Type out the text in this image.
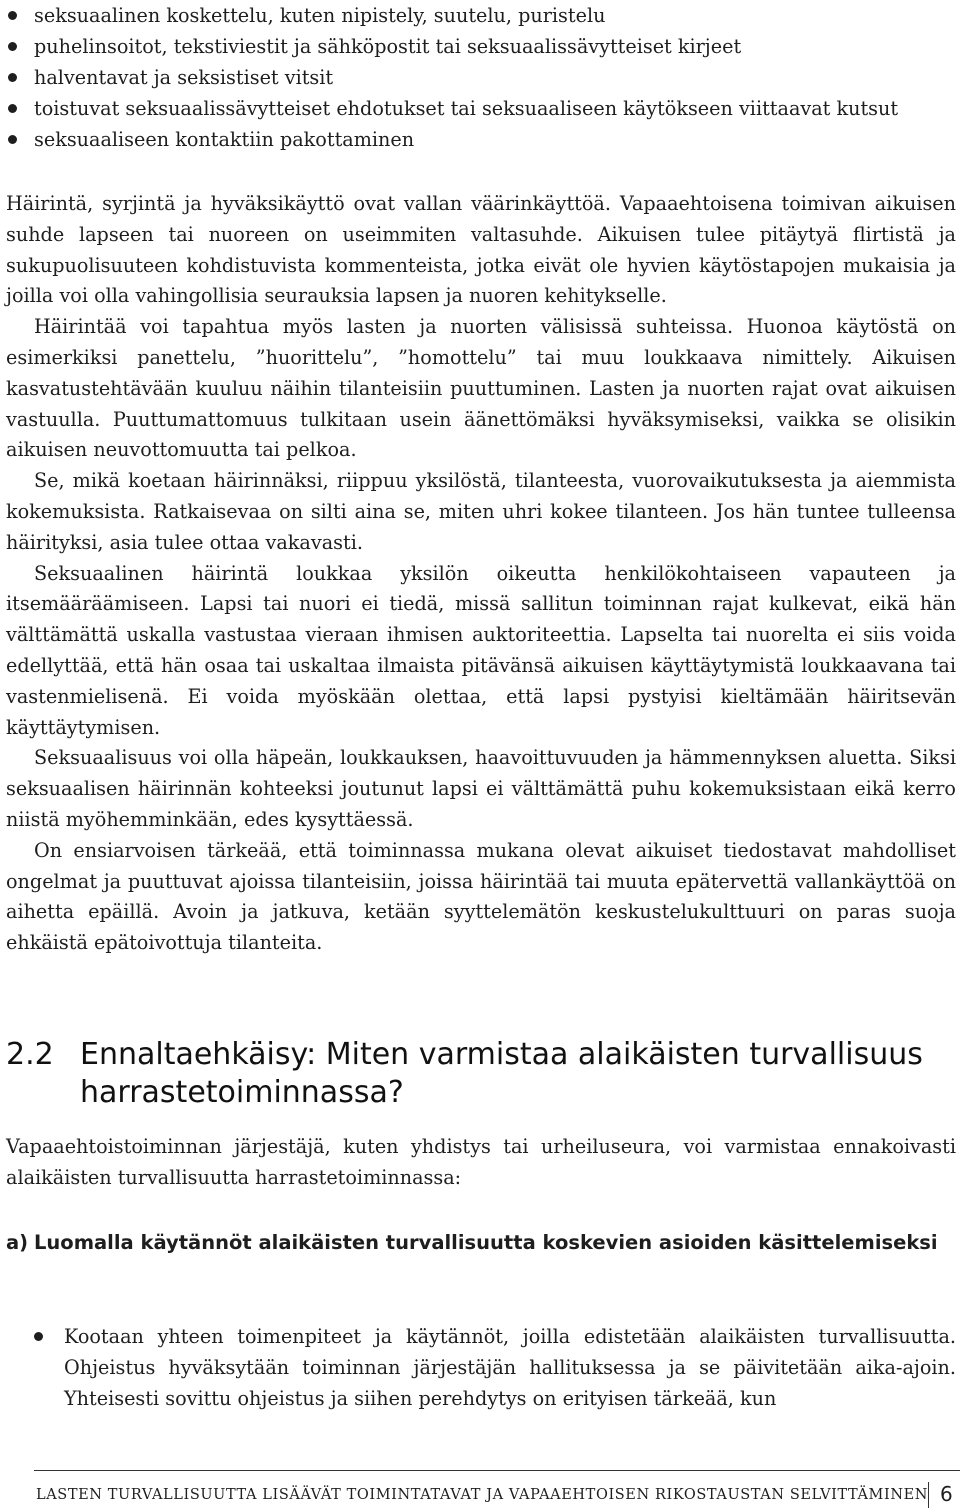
seksuaalinen koskettelu, kuten nipistely, suutelu, puristelu
puhelinsoitot, tekstiviestit ja sähköpostit tai seksuaalissävytteiset kirjeet
halventavat ja seksistiset vitsit
toistuvat seksuaalissävytteiset ehdotukset tai seksuaaliseen käytökseen viittaavat kutsut
seksuaaliseen kontaktiin pakottaminen

Häirintä, syrjintä ja hyväksikäyttö ovat vallan väärinkäyttöä. Vapaaehtoisena toimivan aikuisen suhde lapseen tai nuoreen on useimmiten valtasuhde. Aikuisen tulee pitäytyä flirtistä ja sukupuolisuuteen kohdistuvista kommenteista, jotka eivät ole hyvien käytöstapojen mukaisia ja joilla voi olla vahingollisia seurauksia lapsen ja nuoren kehitykselle.

Häirintää voi tapahtua myös lasten ja nuorten välisissä suhteissa. Huonoa käytöstä on esimerkiksi panettelu, ”huorittelu”, ”homottelu” tai muu loukkaava nimittely. Aikuisen kasvatustehtävään kuuluu näihin tilanteisiin puuttuminen. Lasten ja nuorten rajat ovat aikuisen vastuulla. Puuttumattomuus tulkitaan usein äänettömäksi hyväksymiseksi, vaikka se olisikin aikuisen neuvottomuutta tai pelkoa.

Se, mikä koetaan häirinnäksi, riippuu yksilöstä, tilanteesta, vuorovaikutuksesta ja aiemmista kokemuksista. Ratkaisevaa on silti aina se, miten uhri kokee tilanteen. Jos hän tuntee tulleensa häirityksi, asia tulee ottaa vakavasti.

Seksuaalinen häirintä loukkaa yksilön oikeutta henkilökohtaiseen vapauteen ja itsemääräämiseen. Lapsi tai nuori ei tiedä, missä sallitun toiminnan rajat kulkevat, eikä hän välttämättä uskalla vastustaa vieraan ihmisen auktoriteettia. Lapselta tai nuorelta ei siis voida edellyttää, että hän osaa tai uskaltaa ilmaista pitävänsä aikuisen käyttäytymistä loukkaavana tai vastenmielisenä. Ei voida myöskään olettaa, että lapsi pystyisi kieltämään häiritsevän käyttäytymisen.

Seksuaalisuus voi olla häpeän, loukkauksen, haavoittuvuuden ja hämmennyksen aluetta. Siksi seksuaalisen häirinnän kohteeksi joutunut lapsi ei välttämättä puhu kokemuksistaan eikä kerro niistä myöhemminkään, edes kysyttäessä.

On ensiarvoisen tärkeää, että toiminnassa mukana olevat aikuiset tiedostavat mahdolliset ongelmat ja puuttuvat ajoissa tilanteisiin, joissa häirintää tai muuta epätervettä vallankäyttöä on aihetta epäillä. Avoin ja jatkuva, ketään syyttelemätön keskustelukulttuuri on paras suoja ehkäistä epätoivottuja tilanteita.

2.2 Ennaltaehkäisy: Miten varmistaa alaikäisten turvallisuus harrastetoiminnassa?
Vapaaehtoistoiminnan järjestäjä, kuten yhdistys tai urheiluseura, voi varmistaa ennakoivasti alaikäisten turvallisuutta harrastetoiminnassa:
a) Luomalla käytännöt alaikäisten turvallisuutta koskevien asioiden käsittelemiseksi
Kootaan yhteen toimenpiteet ja käytännöt, joilla edistetään alaikäisten turvallisuutta. Ohjeistus hyväksytään toiminnan järjestäjän hallituksessa ja se päivitetään aika-ajoin. Yhteisesti sovittu ohjeistus ja siihen perehdytys on erityisen tärkeää, kun
LASTEN TURVALLISUUTTA LISÄÄVÄT TOIMINTATAVAT JA VAPAAEHTOISEN RIKOSTAUSTAN SELVITTÄMINEN 6
